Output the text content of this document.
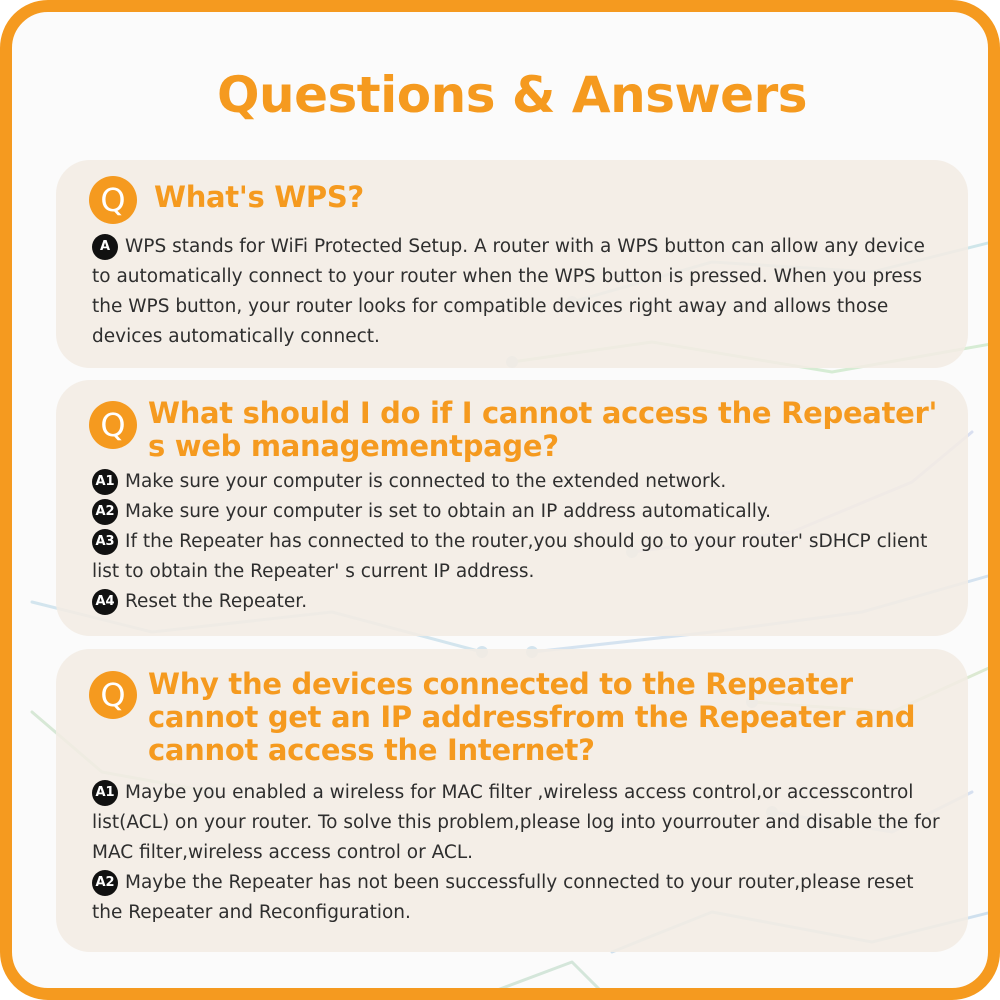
Questions & Answers
Q What's WPS?
A WPS stands for WiFi Protected Setup. A router with a WPS button can allow any device to automatically connect to your router when the WPS button is pressed. When you press the WPS button, your router looks for compatible devices right away and allows those devices automatically connect.
Q What should I do if I cannot access the Repeater' s web managementpage?
A1 Make sure your computer is connected to the extended network.
A2 Make sure your computer is set to obtain an IP address automatically.
A3 If the Repeater has connected to the router,you should go to your router' sDHCP client list to obtain the Repeater' s current IP address.
A4 Reset the Repeater.
Q Why the devices connected to the Repeater cannot get an IP addressfrom the Repeater and cannot access the Internet?
A1 Maybe you enabled a wireless for MAC filter ,wireless access control,or accesscontrol list(ACL) on your router. To solve this problem,please log into yourrouter and disable the for MAC filter,wireless access control or ACL.
A2 Maybe the Repeater has not been successfully connected to your router,please reset the Repeater and Reconfiguration.
